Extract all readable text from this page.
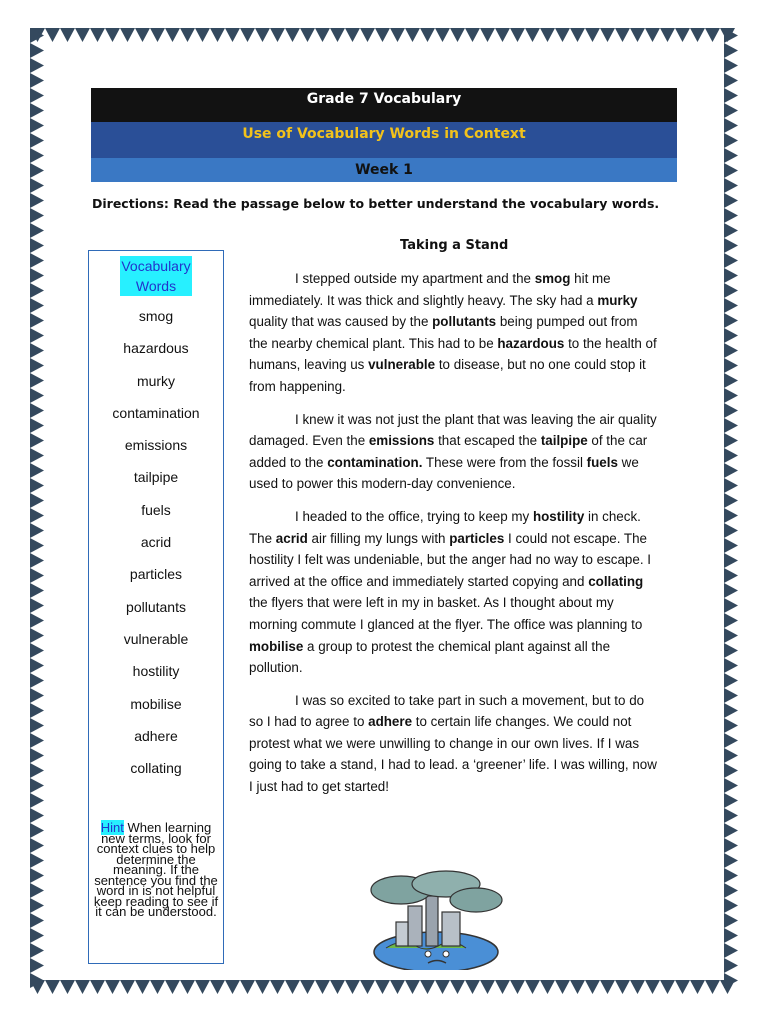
Grade 7 Vocabulary
Use of Vocabulary Words in Context
Week 1
Directions: Read the passage below to better understand the vocabulary words.
Vocabulary
Words
smog
hazardous
murky
contamination
emissions
tailpipe
fuels
acrid
particles
pollutants
vulnerable
hostility
mobilise
adhere
collating
Hint When learning new terms, look for context clues to help determine the meaning. If the sentence you find the word in is not helpful keep reading to see if it can be understood.
Taking a Stand

I stepped outside my apartment and the smog hit me immediately. It was thick and slightly heavy. The sky had a murky quality that was caused by the pollutants being pumped out from the nearby chemical plant. This had to be hazardous to the health of humans, leaving us vulnerable to disease, but no one could stop it from happening.

I knew it was not just the plant that was leaving the air quality damaged. Even the emissions that escaped the tailpipe of the car added to the contamination. These were from the fossil fuels we used to power this modern-day convenience.

I headed to the office, trying to keep my hostility in check. The acrid air filling my lungs with particles I could not escape. The hostility I felt was undeniable, but the anger had no way to escape. I arrived at the office and immediately started copying and collating the flyers that were left in my in basket. As I thought about my morning commute I glanced at the flyer. The office was planning to mobilise a group to protest the chemical plant against all the pollution.

I was so excited to take part in such a movement, but to do so I had to agree to adhere to certain life changes. We could not protest what we were unwilling to change in our own lives. If I was going to take a stand, I had to lead. a ‘greener’ life. I was willing, now I just had to get started!
